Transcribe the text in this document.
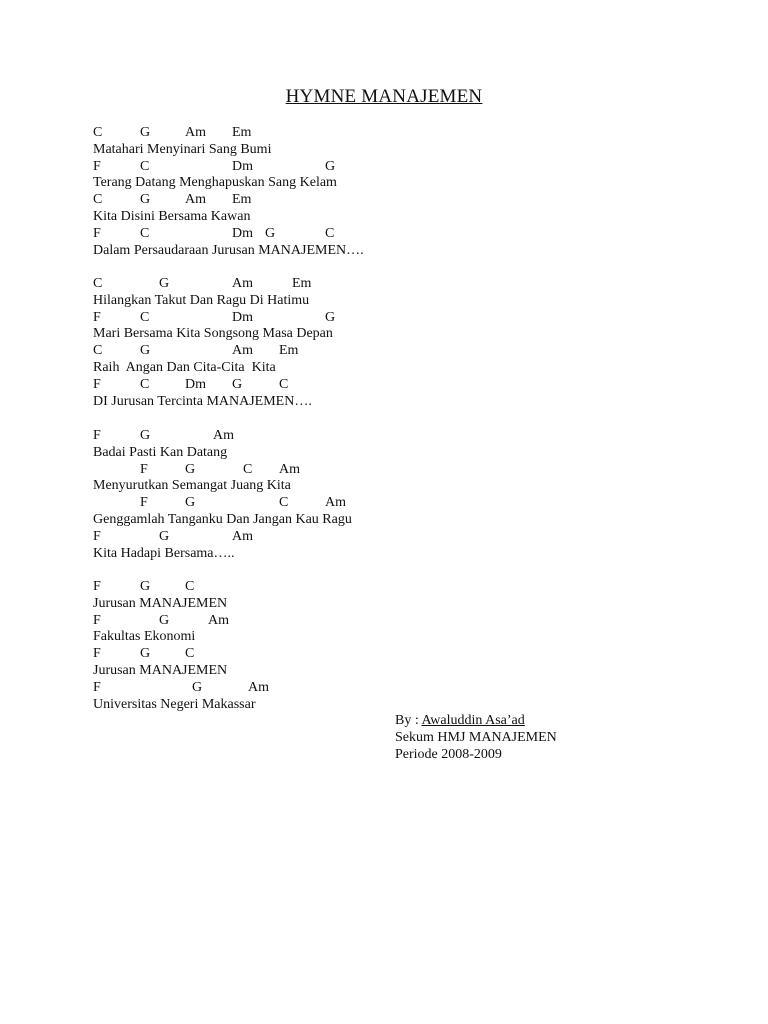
HYMNE MANAJEMEN
C	G Am Em
Matahari Menyinari Sang Bumi
F	C	Dm	G
Terang Datang Menghapuskan Sang Kelam
C	G Am Em
Kita Disini Bersama Kawan
F	C	Dm G	C
Dalam Persaudaraan Jurusan MANAJEMEN….
C	G	Am	Em
Hilangkan Takut Dan Ragu Di Hatimu
F	C	Dm	G
Mari Bersama Kita Songsong Masa Depan
C	G	Am Em
Raih  Angan Dan Cita-Cita  Kita
F	C	Dm G	C
DI Jurusan Tercinta MANAJEMEN….
F	G	Am
Badai Pasti Kan Datang
F	G	C Am
Menyurutkan Semangat Juang Kita
F	G	C	Am
Genggamlah Tanganku Dan Jangan Kau Ragu
F	G	Am
Kita Hadapi Bersama…..
F	G C
Jurusan MANAJEMEN
F	G	Am
Fakultas Ekonomi
F	G C
Jurusan MANAJEMEN
F	G	Am
Universitas Negeri Makassar
By : Awaluddin Asa’ad
Sekum HMJ MANAJEMEN
Periode 2008-2009
